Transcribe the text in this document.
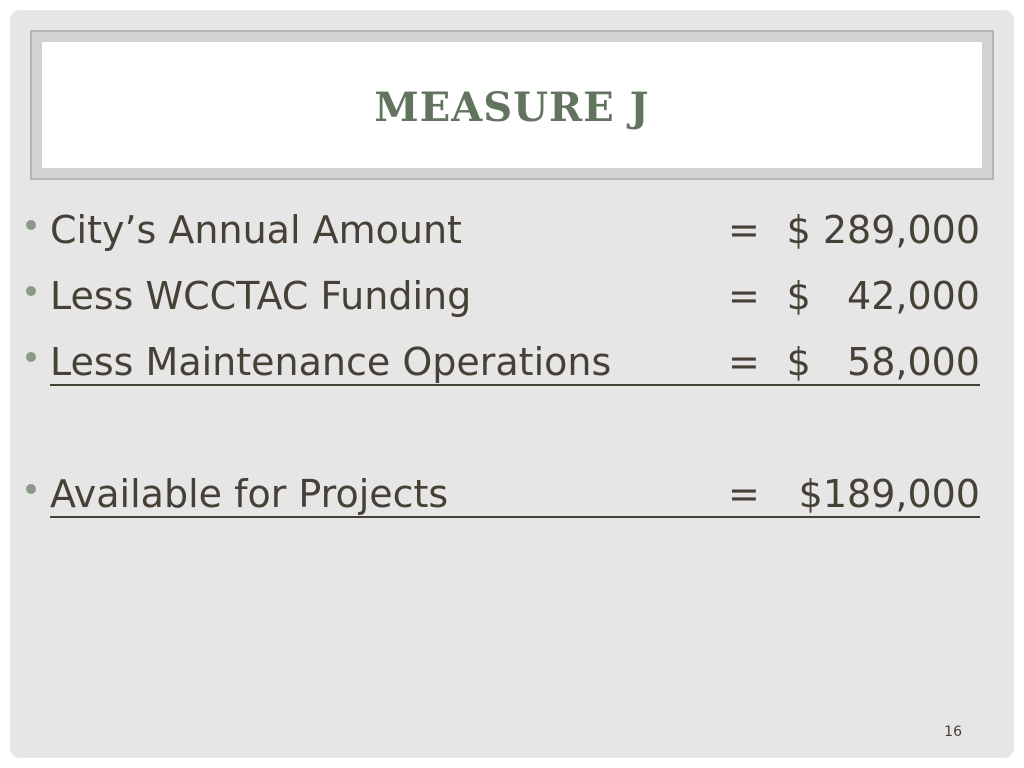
MEASURE J
City’s Annual Amount	= $ 289,000
Less WCCTAC Funding	= $   42,000
Less Maintenance Operations	= $   58,000
Available for Projects	= $189,000
16
